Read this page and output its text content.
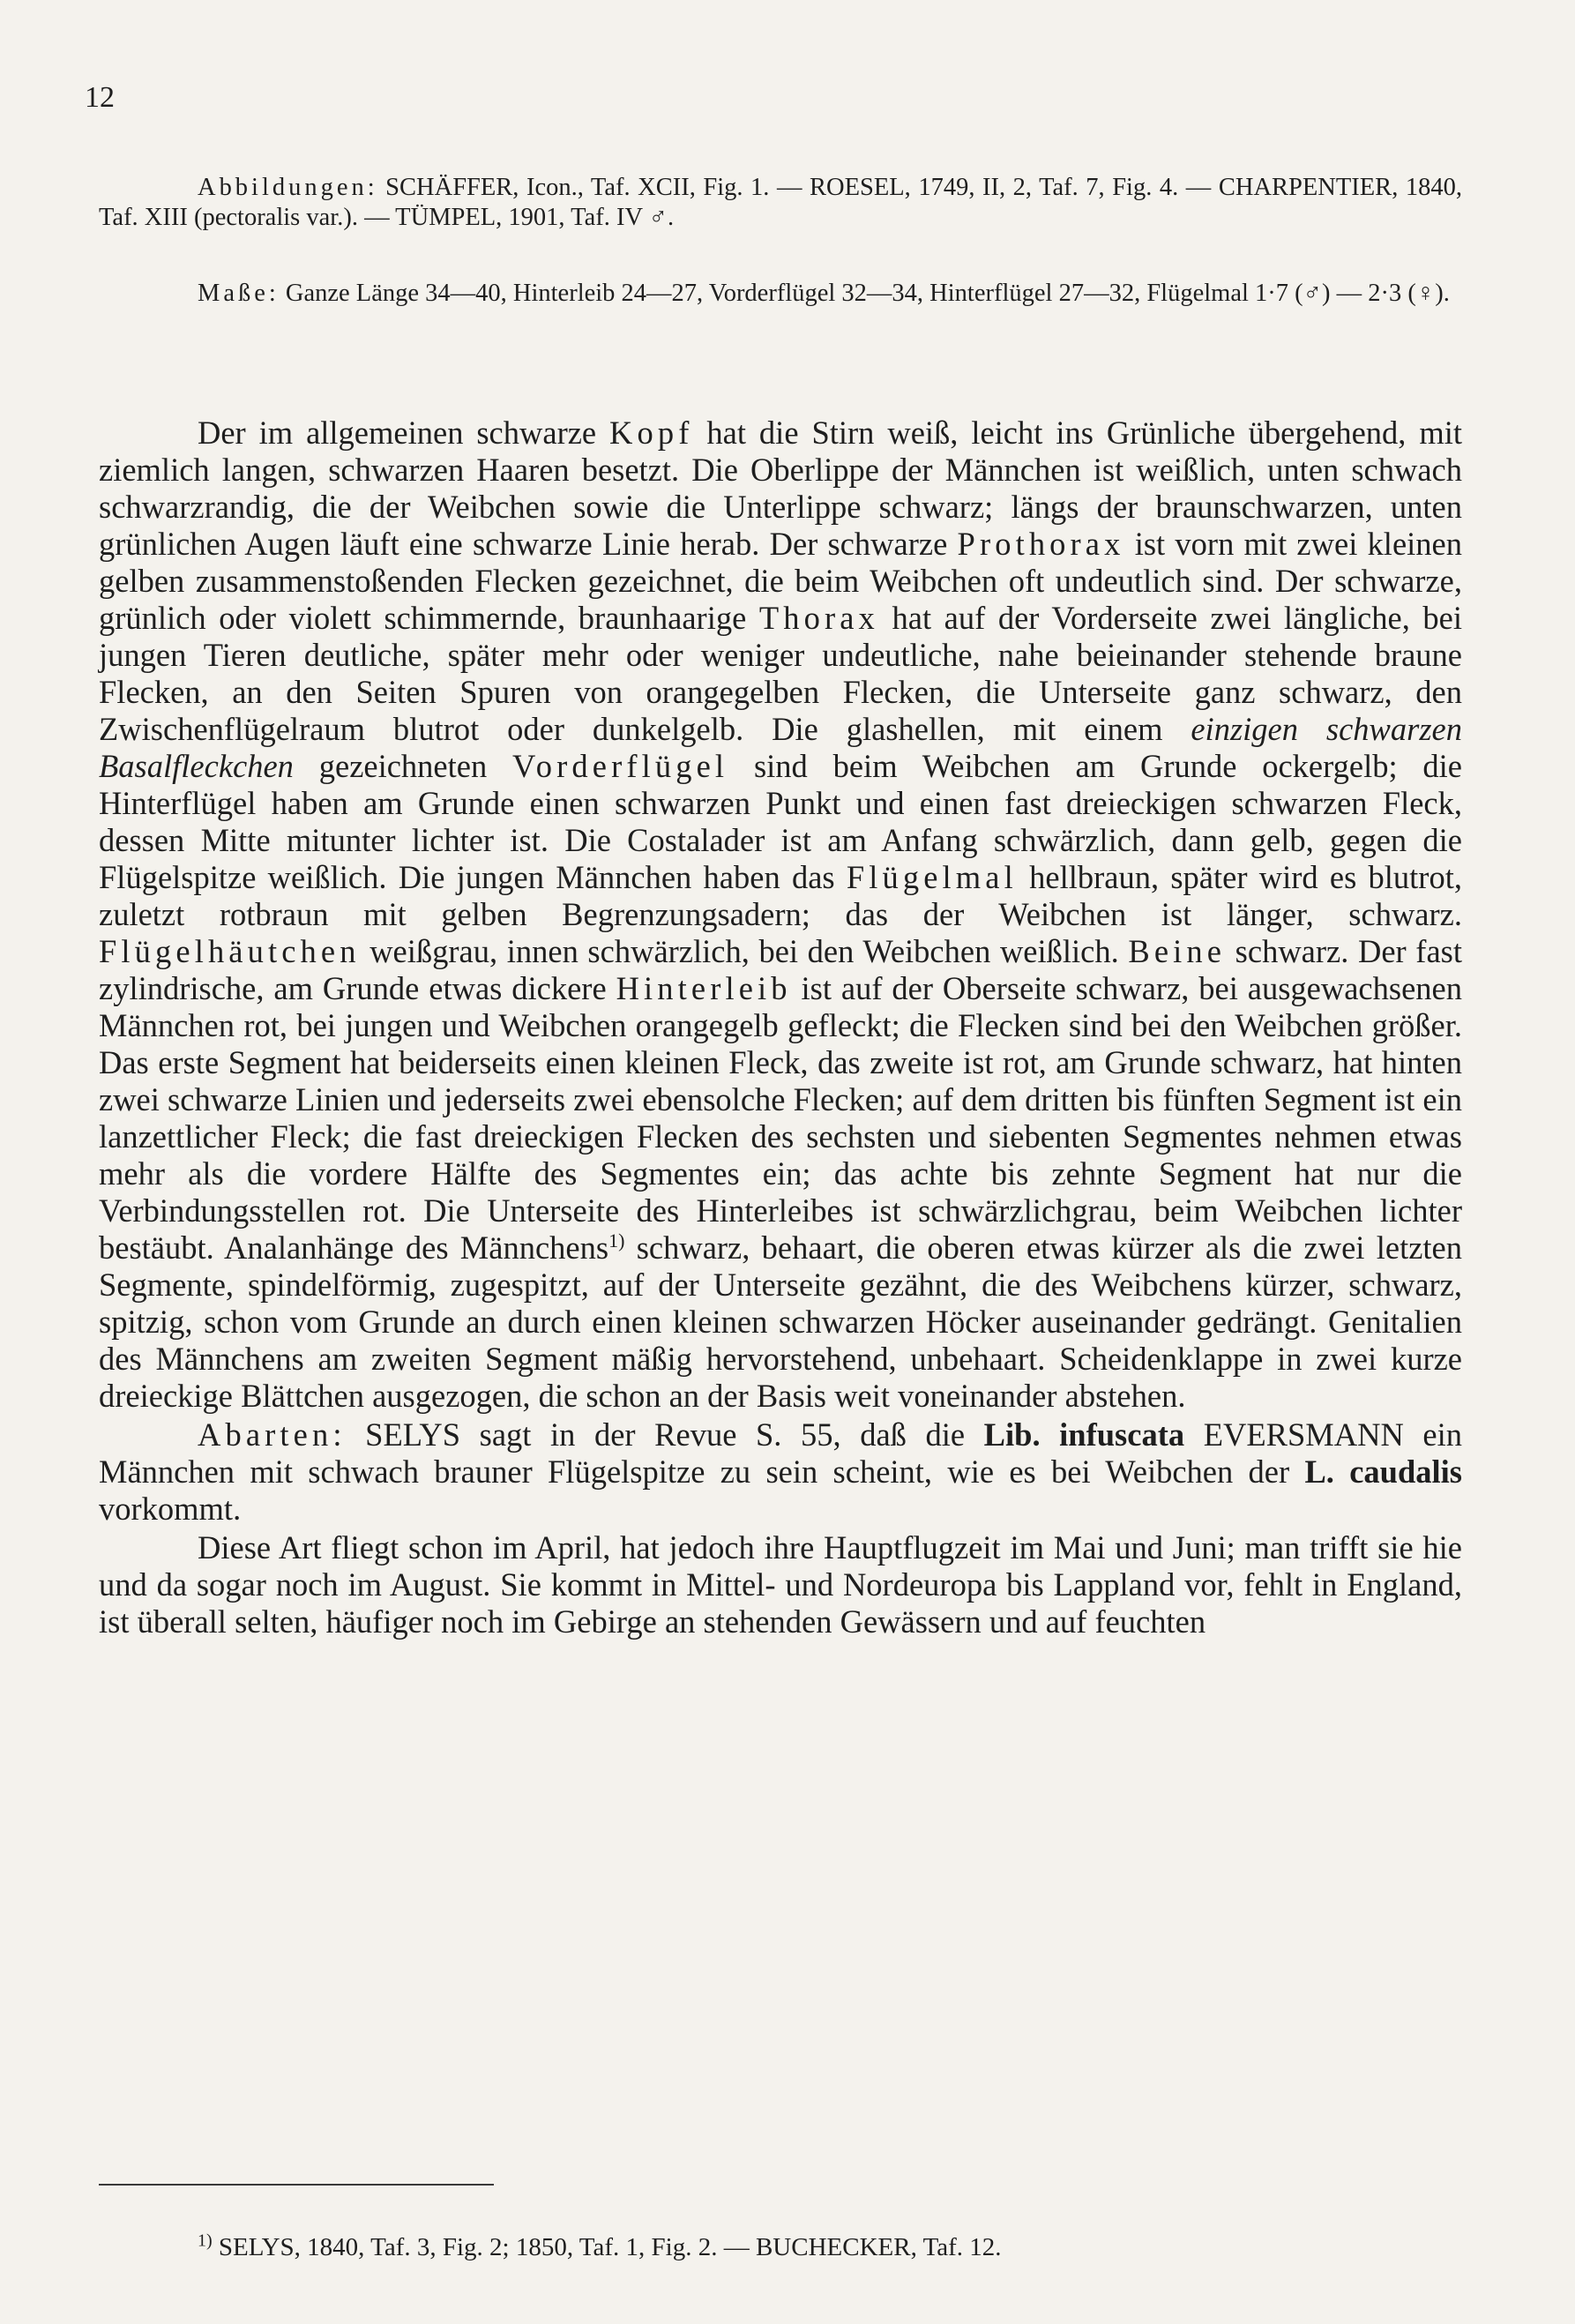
12
Abbildungen: SCHÄFFER, Icon., Taf. XCII, Fig. 1. — ROESEL, 1749, II, 2, Taf. 7, Fig. 4. — CHARPENTIER, 1840, Taf. XIII (pectoralis var.). — TÜMPEL, 1901, Taf. IV ♂.
Maße: Ganze Länge 34—40, Hinterleib 24—27, Vorderflügel 32—34, Hinterflügel 27—32, Flügelmal 1·7 (♂) — 2·3 (♀).

Der im allgemeinen schwarze Kopf hat die Stirn weiß, leicht ins Grünliche übergehend, mit ziemlich langen, schwarzen Haaren besetzt. Die Oberlippe der Männchen ist weißlich, unten schwach schwarzrandig, die der Weibchen sowie die Unterlippe schwarz; längs der braunschwarzen, unten grünlichen Augen läuft eine schwarze Linie herab. Der schwarze Prothorax ist vorn mit zwei kleinen gelben zusammenstoßenden Flecken gezeichnet, die beim Weibchen oft undeutlich sind. Der schwarze, grünlich oder violett schimmernde, braunhaarige Thorax hat auf der Vorderseite zwei längliche, bei jungen Tieren deutliche, später mehr oder weniger undeutliche, nahe beieinander stehende braune Flecken, an den Seiten Spuren von orangegelben Flecken, die Unterseite ganz schwarz, den Zwischenflügelraum blutrot oder dunkelgelb. Die glashellen, mit einem einzigen schwarzen Basalfleckchen gezeichneten Vorderflügel sind beim Weibchen am Grunde ockergelb; die Hinterflügel haben am Grunde einen schwarzen Punkt und einen fast dreieckigen schwarzen Fleck, dessen Mitte mitunter lichter ist. Die Costalader ist am Anfang schwärzlich, dann gelb, gegen die Flügelspitze weißlich. Die jungen Männchen haben das Flügelmal hellbraun, später wird es blutrot, zuletzt rotbraun mit gelben Begrenzungsadern; das der Weibchen ist länger, schwarz. Flügelhäutchen weißgrau, innen schwärzlich, bei den Weibchen weißlich. Beine schwarz. Der fast zylindrische, am Grunde etwas dickere Hinterleib ist auf der Oberseite schwarz, bei ausgewachsenen Männchen rot, bei jungen und Weibchen orangegelb gefleckt; die Flecken sind bei den Weibchen größer. Das erste Segment hat beiderseits einen kleinen Fleck, das zweite ist rot, am Grunde schwarz, hat hinten zwei schwarze Linien und jederseits zwei ebensolche Flecken; auf dem dritten bis fünften Segment ist ein lanzettlicher Fleck; die fast dreieckigen Flecken des sechsten und siebenten Segmentes nehmen etwas mehr als die vordere Hälfte des Segmentes ein; das achte bis zehnte Segment hat nur die Verbindungsstellen rot. Die Unterseite des Hinterleibes ist schwärzlichgrau, beim Weibchen lichter bestäubt. Analanhänge des Männchens$^{1)}$ schwarz, behaart, die oberen etwas kürzer als die zwei letzten Segmente, spindelförmig, zugespitzt, auf der Unterseite gezähnt, die des Weibchens kürzer, schwarz, spitzig, schon vom Grunde an durch einen kleinen schwarzen Höcker auseinander gedrängt. Genitalien des Männchens am zweiten Segment mäßig hervorstehend, unbehaart. Scheidenklappe in zwei kurze dreieckige Blättchen ausgezogen, die schon an der Basis weit voneinander abstehen.

Abarten: SELYS sagt in der Revue S. 55, daß die Lib. infuscata EVERSMANN ein Männchen mit schwach brauner Flügelspitze zu sein scheint, wie es bei Weibchen der L. caudalis vorkommt.

Diese Art fliegt schon im April, hat jedoch ihre Hauptflugzeit im Mai und Juni; man trifft sie hie und da sogar noch im August. Sie kommt in Mittel- und Nordeuropa bis Lappland vor, fehlt in England, ist überall selten, häufiger noch im Gebirge an stehenden Gewässern und auf feuchten

$^{1)}$ SELYS, 1840, Taf. 3, Fig. 2; 1850, Taf. 1, Fig. 2. — BUCHECKER, Taf. 12.
